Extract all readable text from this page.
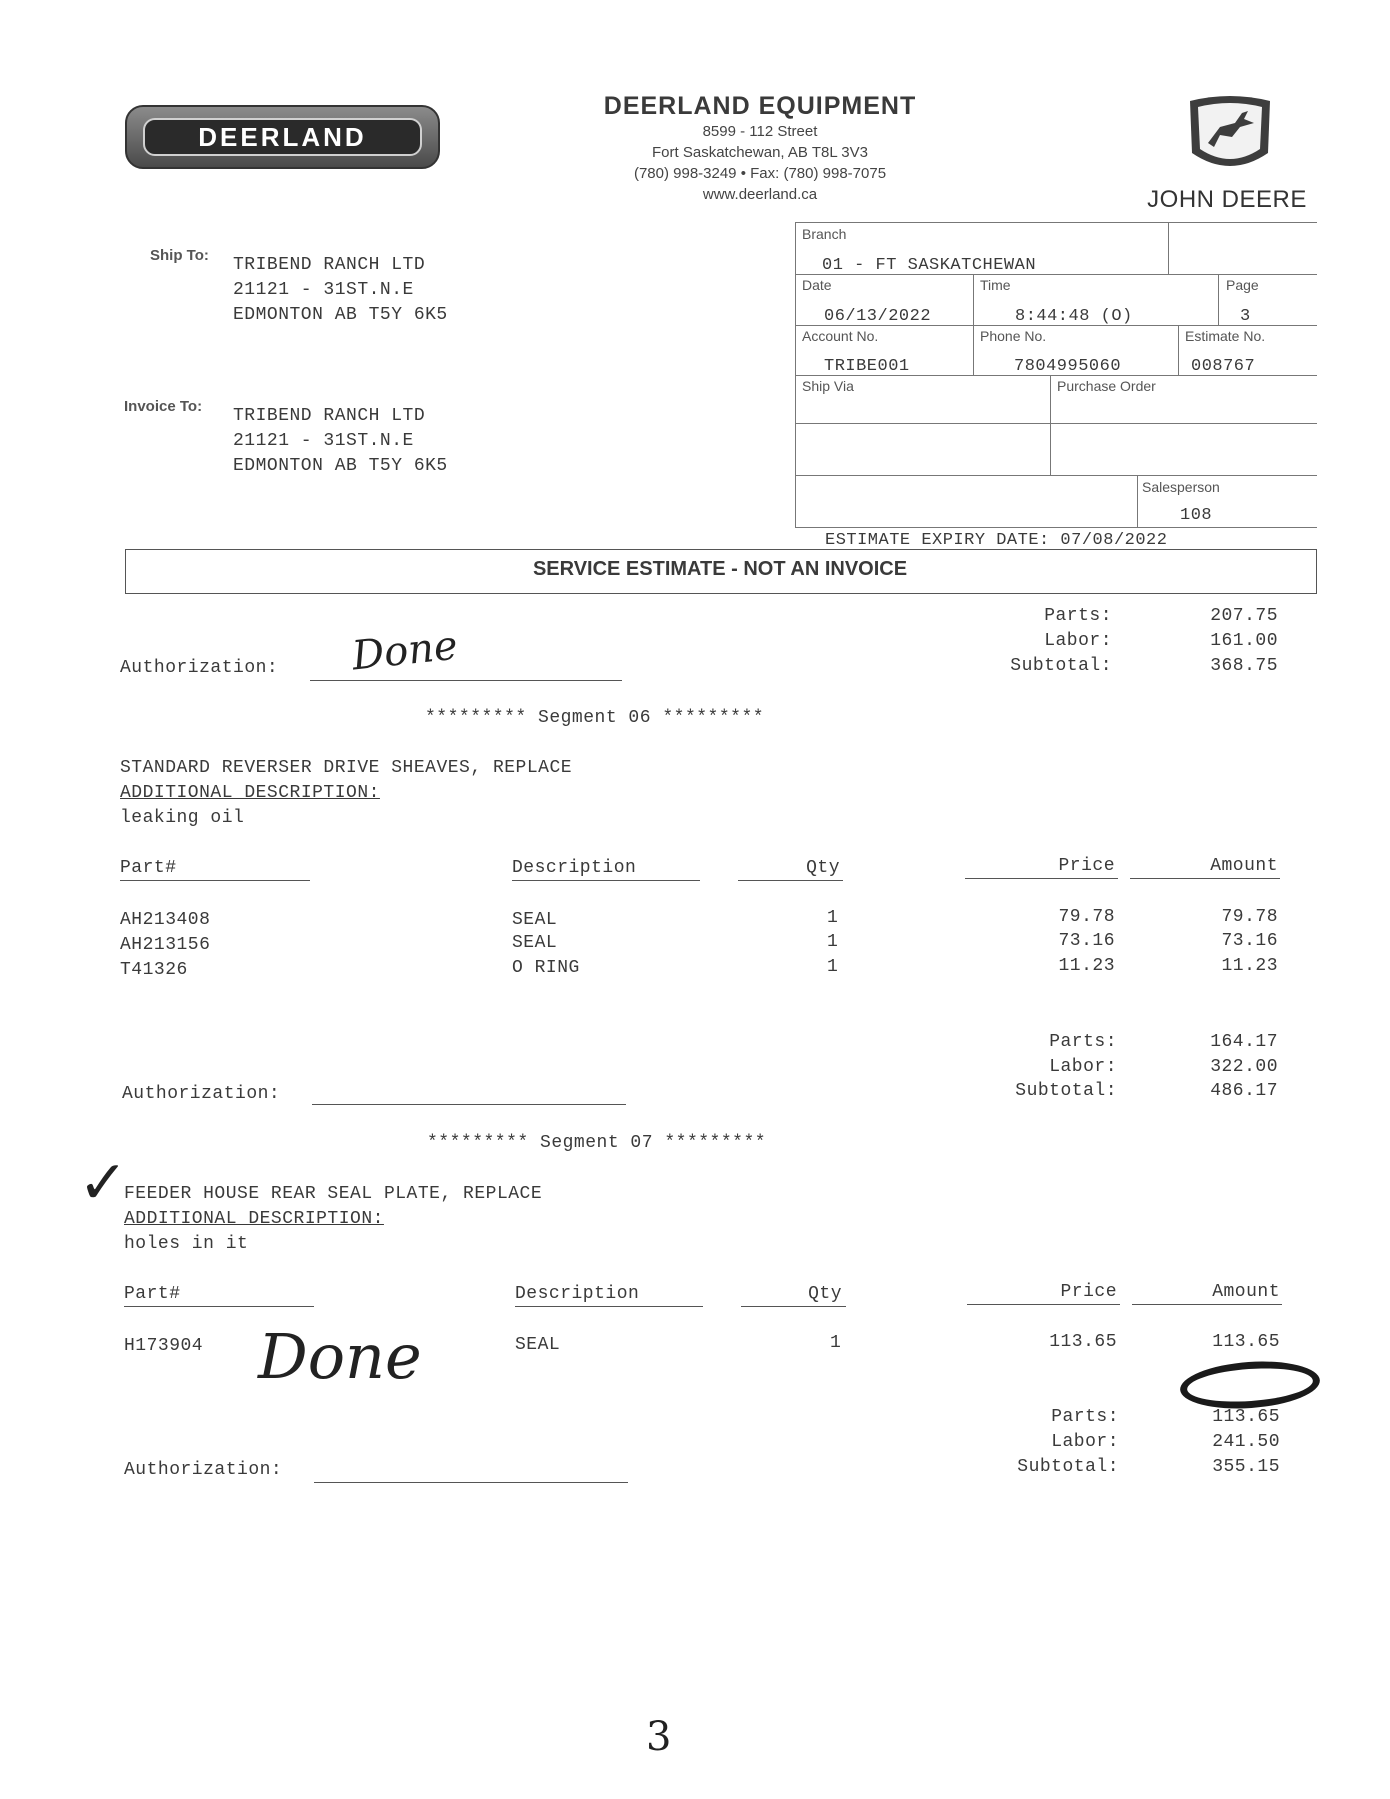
DEERLAND
DEERLAND EQUIPMENT
8599 - 112 Street
Fort Saskatchewan, AB T8L 3V3
(780) 998-3249 • Fax: (780) 998-7075
www.deerland.ca	JOHN DEERE
Ship To: TRIBEND RANCH LTD
21121 - 31ST.N.E
EDMONTON AB T5Y 6K5
Invoice To: TRIBEND RANCH LTD
21121 - 31ST.N.E
EDMONTON AB T5Y 6K5
Branch
01 - FT SASKATCHEWAN
Date
06/13/2022
Time
8:44:48 (O)
Page
3
Account No.
TRIBE001
Phone No.
7804995060
Estimate No.
008767
Ship Via	Purchase Order
Salesperson
108
ESTIMATE EXPIRY DATE: 07/08/2022
SERVICE ESTIMATE - NOT AN INVOICE
Parts:	207.75
Labor:	161.00
Subtotal:	368.75
Authorization: Done
********* Segment 06 *********
STANDARD REVERSER DRIVE SHEAVES, REPLACE
ADDITIONAL DESCRIPTION:
leaking oil
Part#	Description	Qty	Price	Amount
AH213408	SEAL	1	79.78	79.78
AH213156	SEAL	1	73.16	73.16
T41326	O RING	1	11.23	11.23
Parts:	164.17
Labor:	322.00
Subtotal:	486.17
Authorization:
********* Segment 07 *********
✓
FEEDER HOUSE REAR SEAL PLATE, REPLACE
ADDITIONAL DESCRIPTION:
holes in it
Part#	Description	Qty	Price	Amount
H173904	SEAL	1	113.65	113.65
Done
Parts:	113.65
Labor:	241.50
Subtotal:	355.15
Authorization:
3
